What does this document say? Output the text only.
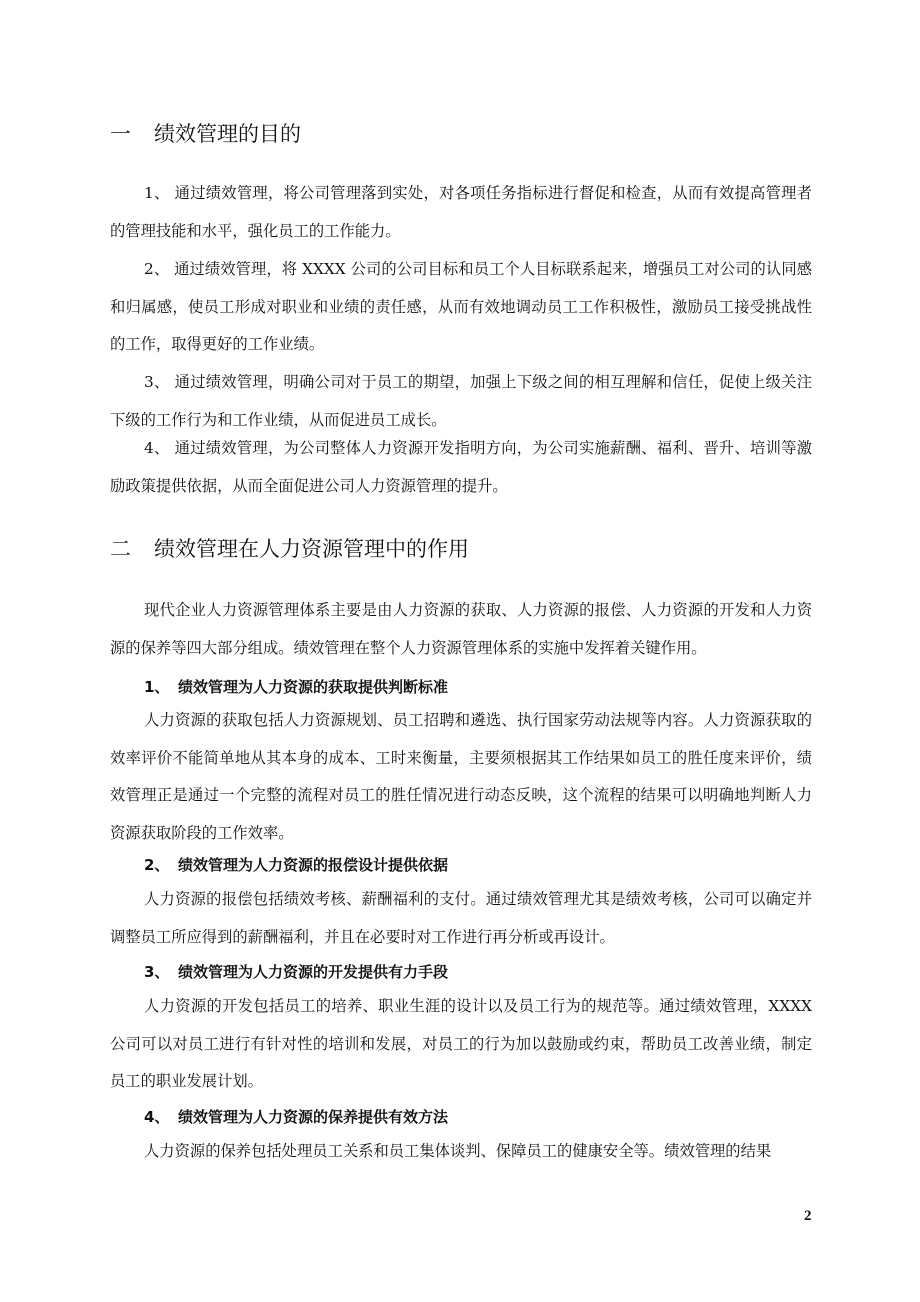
一 绩效管理的目的

1、 通过绩效管理，将公司管理落到实处，对各项任务指标进行督促和检查，从而有效提高管理者的管理技能和水平，强化员工的工作能力。

2、 通过绩效管理，将 XXXX 公司的公司目标和员工个人目标联系起来，增强员工对公司的认同感和归属感，使员工形成对职业和业绩的责任感，从而有效地调动员工工作积极性，激励员工接受挑战性的工作，取得更好的工作业绩。

3、 通过绩效管理，明确公司对于员工的期望，加强上下级之间的相互理解和信任，促使上级关注下级的工作行为和工作业绩，从而促进员工成长。

4、 通过绩效管理，为公司整体人力资源开发指明方向，为公司实施薪酬、福利、晋升、培训等激励政策提供依据，从而全面促进公司人力资源管理的提升。

二 绩效管理在人力资源管理中的作用

现代企业人力资源管理体系主要是由人力资源的获取、人力资源的报偿、人力资源的开发和人力资源的保养等四大部分组成。绩效管理在整个人力资源管理体系的实施中发挥着关键作用。

1、 绩效管理为人力资源的获取提供判断标准

人力资源的获取包括人力资源规划、员工招聘和遴选、执行国家劳动法规等内容。人力资源获取的效率评价不能简单地从其本身的成本、工时来衡量，主要须根据其工作结果如员工的胜任度来评价，绩效管理正是通过一个完整的流程对员工的胜任情况进行动态反映，这个流程的结果可以明确地判断人力资源获取阶段的工作效率。

2、 绩效管理为人力资源的报偿设计提供依据

人力资源的报偿包括绩效考核、薪酬福利的支付。通过绩效管理尤其是绩效考核，公司可以确定并调整员工所应得到的薪酬福利，并且在必要时对工作进行再分析或再设计。

3、 绩效管理为人力资源的开发提供有力手段

人力资源的开发包括员工的培养、职业生涯的设计以及员工行为的规范等。通过绩效管理，XXXX 公司可以对员工进行有针对性的培训和发展，对员工的行为加以鼓励或约束，帮助员工改善业绩，制定员工的职业发展计划。

4、 绩效管理为人力资源的保养提供有效方法

人力资源的保养包括处理员工关系和员工集体谈判、保障员工的健康安全等。绩效管理的结果

2
